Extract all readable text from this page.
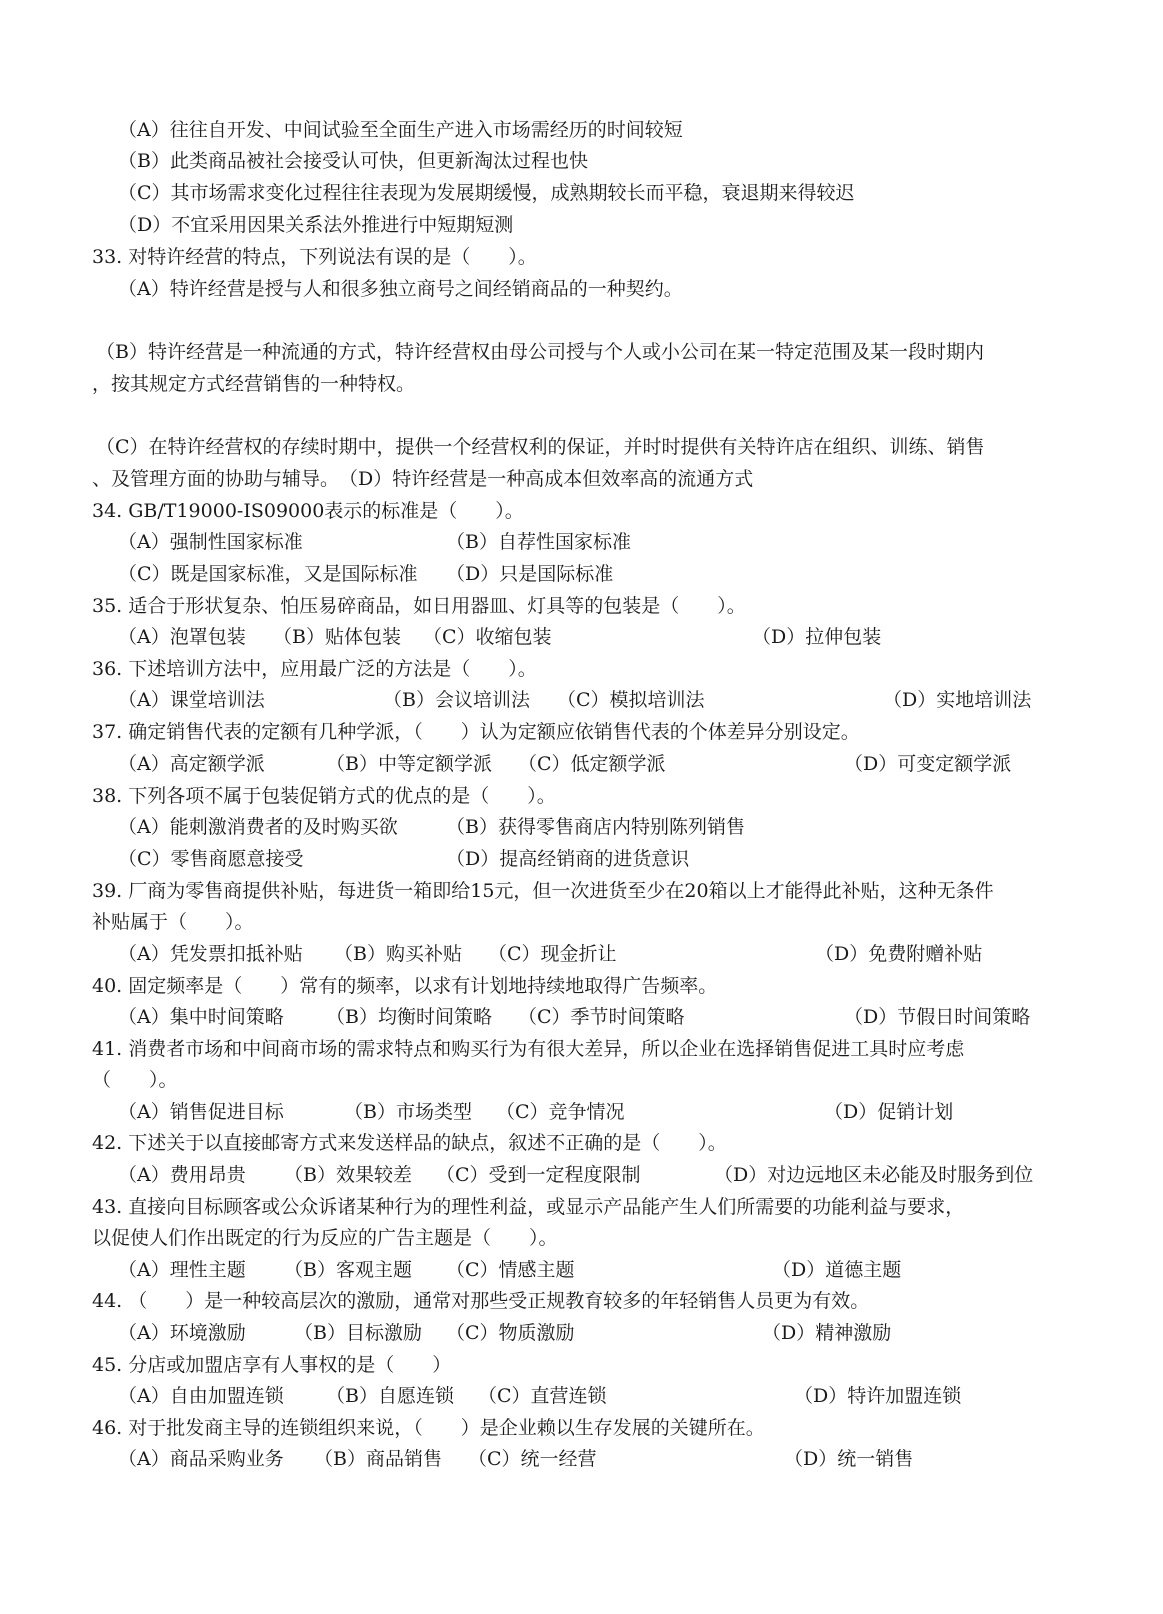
（A）往往自开发、中间试验至全面生产进入市场需经历的时间较短
（B）此类商品被社会接受认可快，但更新淘汰过程也快
（C）其市场需求变化过程往往表现为发展期缓慢，成熟期较长而平稳，衰退期来得较迟
（D）不宜采用因果关系法外推进行中短期短测
33. 对特许经营的特点，下列说法有误的是（　　）。
（A）特许经营是授与人和很多独立商号之间经销商品的一种契约。
（B）特许经营是一种流通的方式，特许经营权由母公司授与个人或小公司在某一特定范围及某一段时期内
，按其规定方式经营销售的一种特权。
（C）在特许经营权的存续时期中，提供一个经营权利的保证，并时时提供有关特许店在组织、训练、销售
、及管理方面的协助与辅导。　（D）特许经营是一种高成本但效率高的流通方式
34. GB/T19000-IS09000表示的标准是（　　）。
（A）强制性国家标准	（B）自荐性国家标准
（C）既是国家标准，又是国际标准 （D）只是国际标准
35. 适合于形状复杂、怕压易碎商品，如日用器皿、灯具等的包装是（　　）。
（A）泡罩包装 （B）贴体包装 （C）收缩包装	（D）拉伸包装
36. 下述培训方法中，应用最广泛的方法是（　　）。
（A）课堂培训法	（B）会议培训法 （C）模拟培训法	（D）实地培训法
37. 确定销售代表的定额有几种学派，（　　）认为定额应依销售代表的个体差异分别设定。
（A）高定额学派	（B）中等定额学派 （C）低定额学派	（D）可变定额学派
38. 下列各项不属于包装促销方式的优点的是（　　）。
（A）能刺激消费者的及时购买欲	（B）获得零售商店内特别陈列销售
（C）零售商愿意接受	（D）提高经销商的进货意识
39. 厂商为零售商提供补贴，每进货一箱即给15元，但一次进货至少在20箱以上才能得此补贴，这种无条件
补贴属于（　　）。
（A）凭发票扣抵补贴 （B）购买补贴 （C）现金折让	（D）免费附赠补贴
40. 固定频率是（　　）常有的频率，以求有计划地持续地取得广告频率。
（A）集中时间策略 （B）均衡时间策略 （C）季节时间策略	（D）节假日时间策略
41. 消费者市场和中间商市场的需求特点和购买行为有很大差异，所以企业在选择销售促进工具时应考虑
（　　）。
（A）销售促进目标	（B）市场类型 （C）竞争情况	（D）促销计划
42. 下述关于以直接邮寄方式来发送样品的缺点，叙述不正确的是（　　）。
（A）费用昂贵 （B）效果较差 （C）受到一定程度限制	（D）对边远地区未必能及时服务到位
43. 直接向目标顾客或公众诉诸某种行为的理性利益，或显示产品能产生人们所需要的功能利益与要求，
以促使人们作出既定的行为反应的广告主题是（　　）。
（A）理性主题 （B）客观主题 （C）情感主题	（D）道德主题
44. （　　）是一种较高层次的激励，通常对那些受正规教育较多的年轻销售人员更为有效。
（A）环境激励	（B）目标激励 （C）物质激励	（D）精神激励
45. 分店或加盟店享有人事权的是（　　）
（A）自由加盟连锁 （B）自愿连锁 （C）直营连锁	（D）特许加盟连锁
46. 对于批发商主导的连锁组织来说，（　　）是企业赖以生存发展的关键所在。
（A）商品采购业务 （B）商品销售 （C）统一经营	（D）统一销售
